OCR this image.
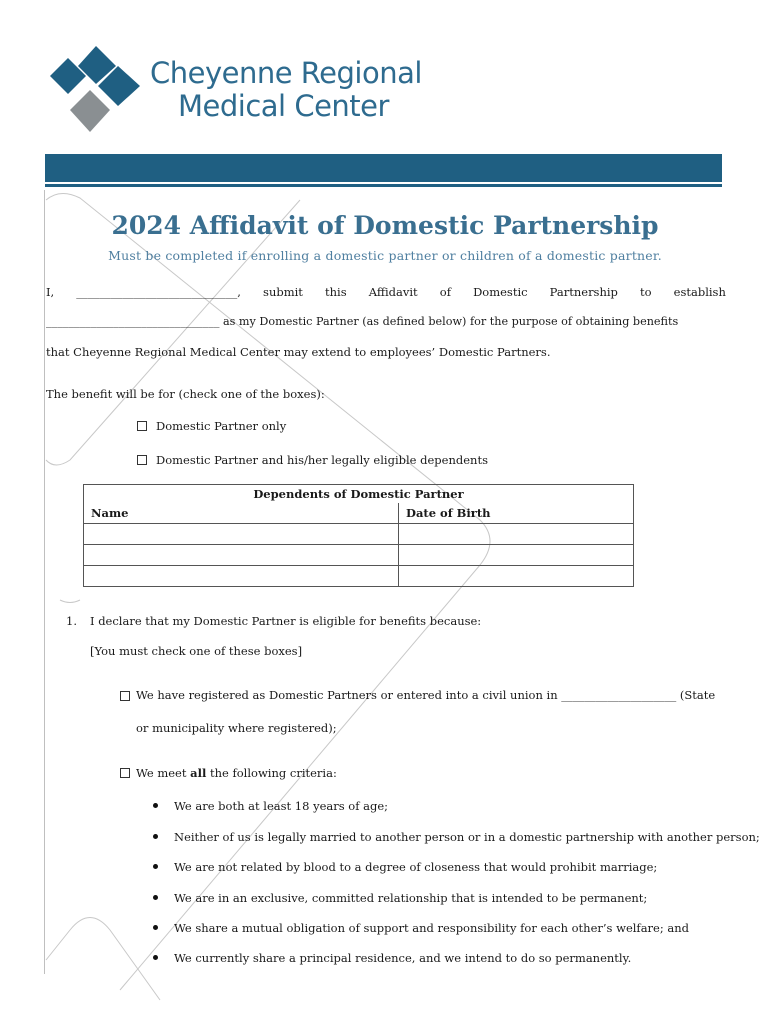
Cheyenne Regional
Medical Center
2024 Affidavit of Domestic Partnership
Must be completed if enrolling a domestic partner or children of a domestic partner.
I, ____________________________, submit this Affidavit of Domestic Partnership to establish
_______________________________ as my Domestic Partner (as defined below) for the purpose of obtaining benefits
that Cheyenne Regional Medical Center may extend to employees’ Domestic Partners.
The benefit will be for (check one of the boxes):
Domestic Partner only
Domestic Partner and his/her legally eligible dependents
Dependents of Domestic Partner	
Name	Date of Birth

1. I declare that my Domestic Partner is eligible for benefits because:
[You must check one of these boxes]
We have registered as Domestic Partners or entered into a civil union in ____________________ (State
or municipality where registered);
We meet all the following criteria:
We are both at least 18 years of age;
Neither of us is legally married to another person or in a domestic partnership with another person;
We are not related by blood to a degree of closeness that would prohibit marriage;
We are in an exclusive, committed relationship that is intended to be permanent;
We share a mutual obligation of support and responsibility for each other’s welfare; and
We currently share a principal residence, and we intend to do so permanently.
